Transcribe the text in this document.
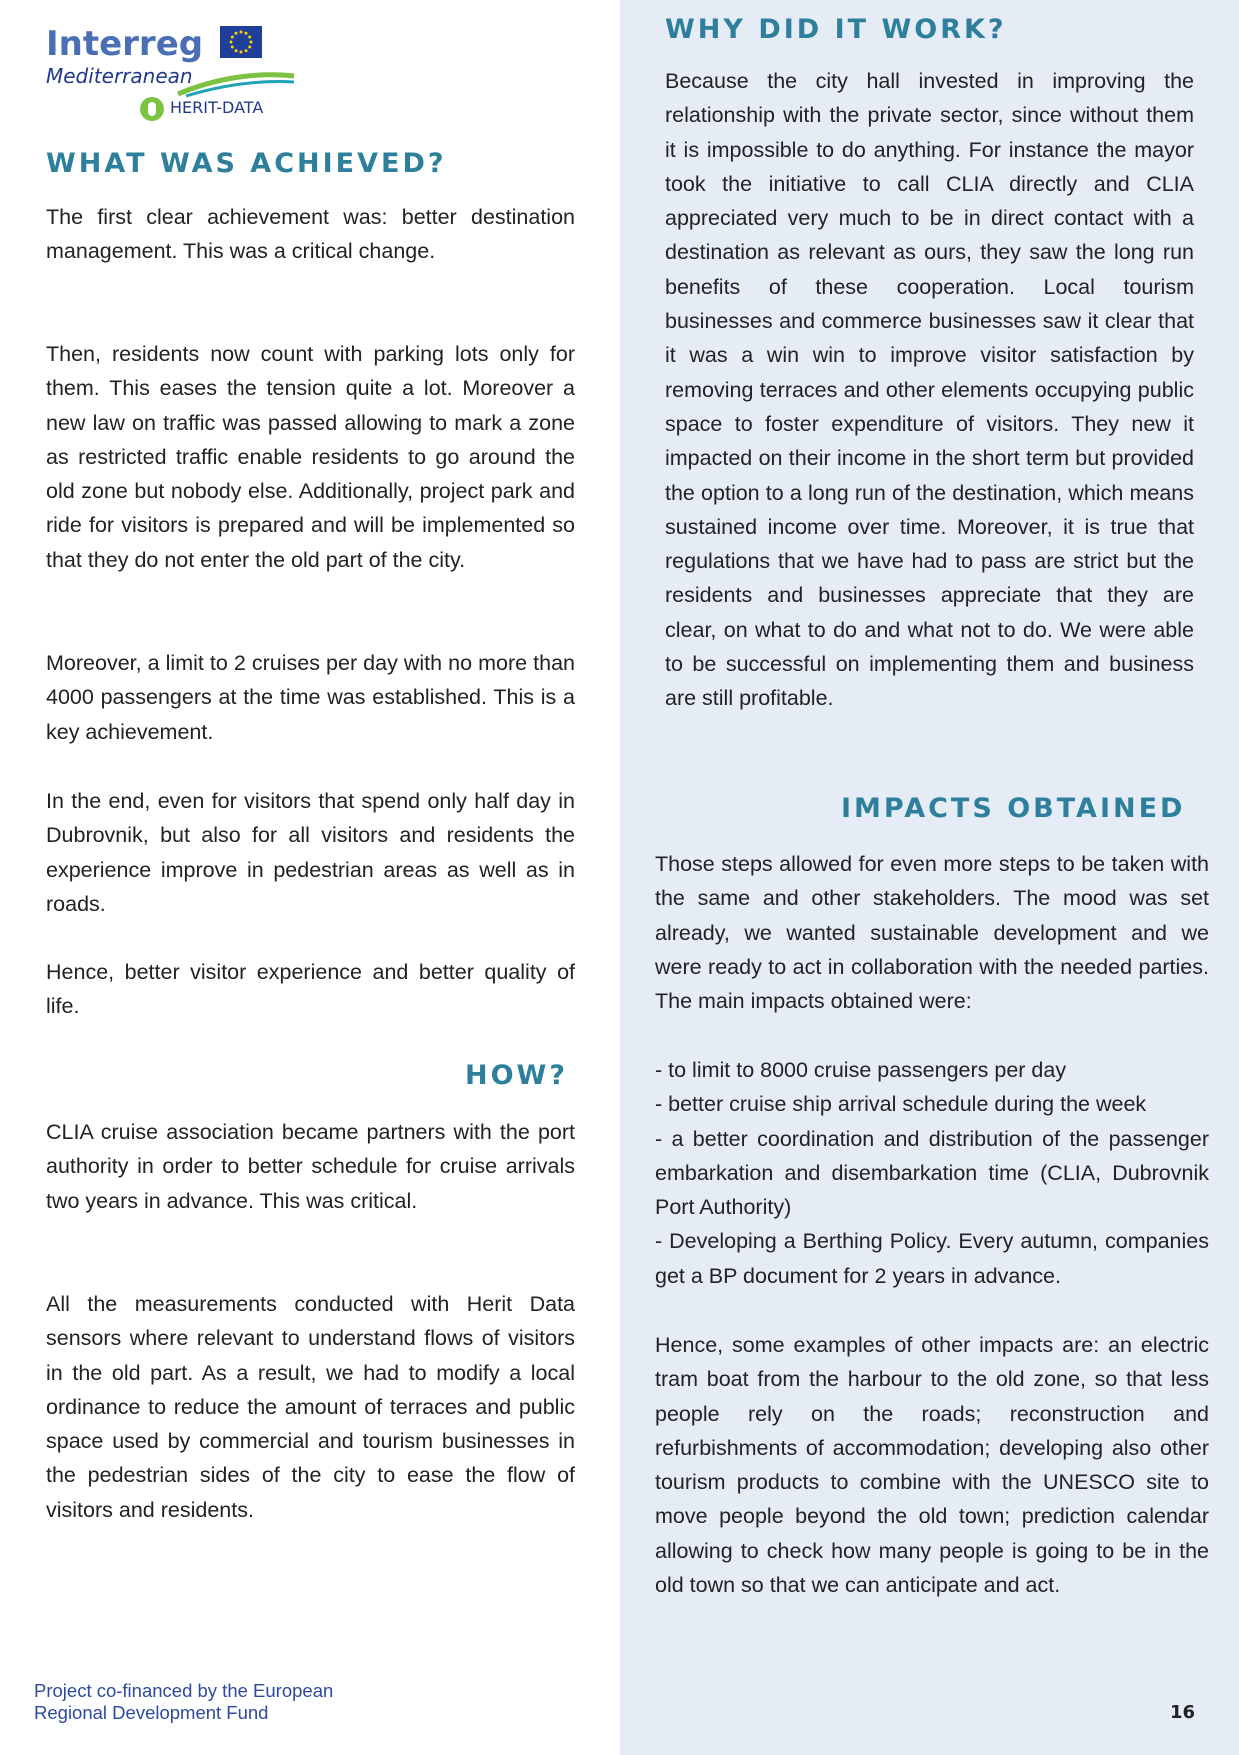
Interreg
Mediterranean
HERIT-DATA
WHAT WAS ACHIEVED?

The first clear achievement was: better destination management. This was a critical change.

Then, residents now count with parking lots only for them. This eases the tension quite a lot. Moreover a new law on traffic was passed allowing to mark a zone as restricted traffic enable residents to go around the old zone but nobody else. Additionally, project park and ride for visitors is prepared and will be implemented so that they do not enter the old part of the city.

Moreover, a limit to 2 cruises per day with no more than 4000 passengers at the time was established. This is a key achievement.

In the end, even for visitors that spend only half day in Dubrovnik, but also for all visitors and residents the experience improve in pedestrian areas as well as in roads.

Hence, better visitor experience and better quality of life.

HOW?

CLIA cruise association became partners with the port authority in order to better schedule for cruise arrivals two years in advance. This was critical.

All the measurements conducted with Herit Data sensors where relevant to understand flows of visitors in the old part. As a result, we had to modify a local ordinance to reduce the amount of terraces and public space used by commercial and tourism businesses in the pedestrian sides of the city to ease the flow of visitors and residents.

WHY DID IT WORK?

Because the city hall invested in improving the relationship with the private sector, since without them it is impossible to do anything. For instance the mayor took the initiative to call CLIA directly and CLIA appreciated very much to be in direct contact with a destination as relevant as ours, they saw the long run benefits of these cooperation. Local tourism businesses and commerce businesses saw it clear that it was a win win to improve visitor satisfaction by removing terraces and other elements occupying public space to foster expenditure of visitors. They new it impacted on their income in the short term but provided the option to a long run of the destination, which means sustained income over time. Moreover, it is true that regulations that we have had to pass are strict but the residents and businesses appreciate that they are clear, on what to do and what not to do. We were able to be successful on implementing them and business are still profitable.

IMPACTS OBTAINED

Those steps allowed for even more steps to be taken with the same and other stakeholders. The mood was set already, we wanted sustainable development and we were ready to act in collaboration with the needed parties. The main impacts obtained were:

- to limit to 8000 cruise passengers per day
- better cruise ship arrival schedule during the week
- a better coordination and distribution of the passenger embarkation and disembarkation time (CLIA, Dubrovnik Port Authority)
- Developing a Berthing Policy. Every autumn, companies get a BP document for 2 years in advance.

Hence, some examples of other impacts are: an electric tram boat from the harbour to the old zone, so that less people rely on the roads; reconstruction and refurbishments of accommodation; developing also other tourism products to combine with the UNESCO site to move people beyond the old town; prediction calendar allowing to check how many people is going to be in the old town so that we can anticipate and act.

Project co-financed by the European
Regional Development Fund	16
